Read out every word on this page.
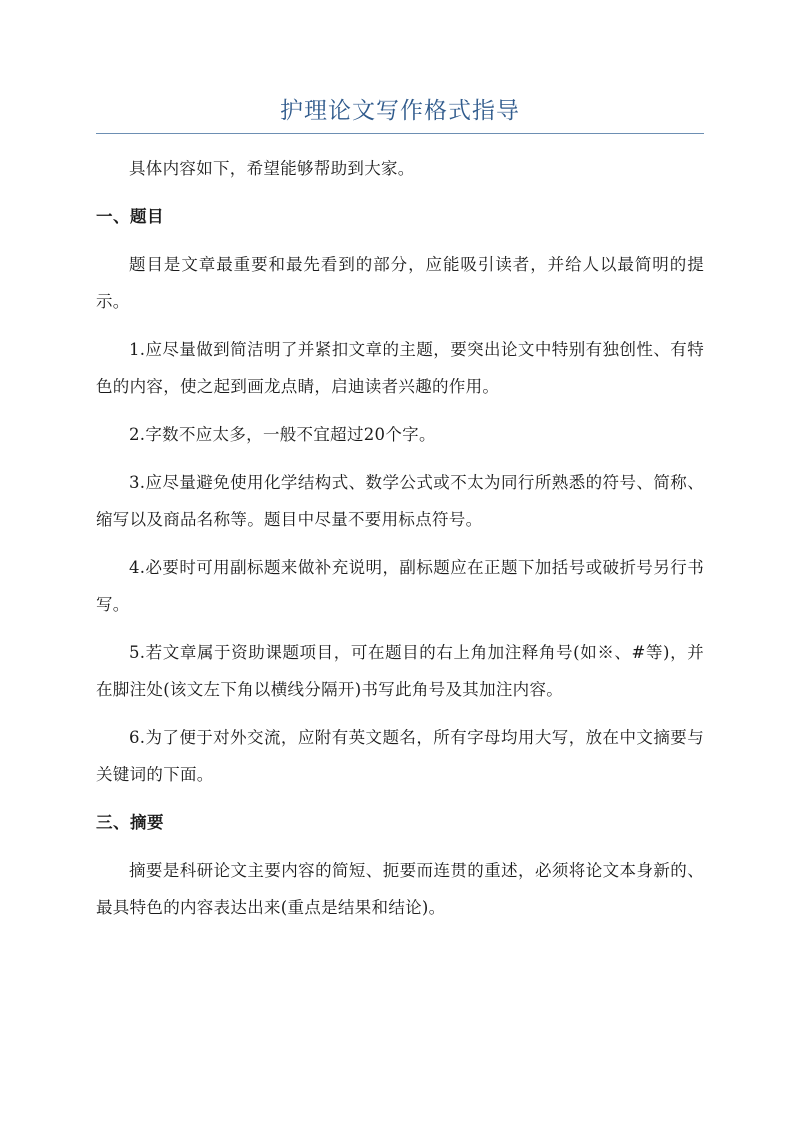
护理论文写作格式指导

具体内容如下，希望能够帮助到大家。

一、题目

题目是文章最重要和最先看到的部分，应能吸引读者，并给人以最简明的提示。

1.应尽量做到简洁明了并紧扣文章的主题，要突出论文中特别有独创性、有特色的内容，使之起到画龙点睛，启迪读者兴趣的作用。

2.字数不应太多，一般不宜超过20个字。

3.应尽量避免使用化学结构式、数学公式或不太为同行所熟悉的符号、简称、缩写以及商品名称等。题目中尽量不要用标点符号。

4.必要时可用副标题来做补充说明，副标题应在正题下加括号或破折号另行书写。

5.若文章属于资助课题项目，可在题目的右上角加注释角号(如※、#等)，并在脚注处(该文左下角以横线分隔开)书写此角号及其加注内容。

6.为了便于对外交流，应附有英文题名，所有字母均用大写，放在中文摘要与关键词的下面。

三、摘要

摘要是科研论文主要内容的简短、扼要而连贯的重述，必须将论文本身新的、最具特色的内容表达出来(重点是结果和结论)。
